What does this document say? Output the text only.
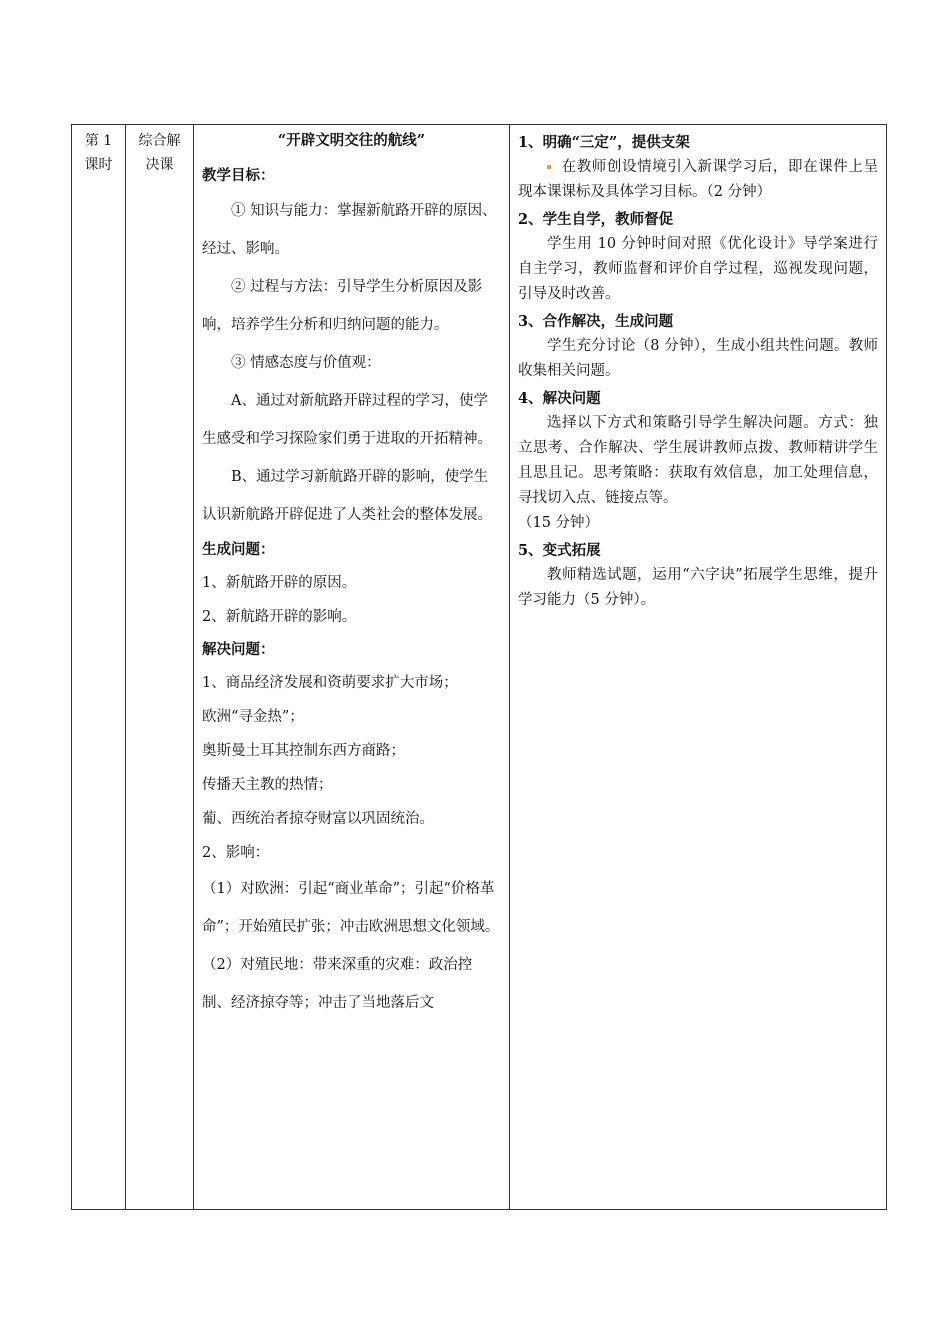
第 1
课时

综合解
决课

“开辟文明交往的航线”
教学目标：
① 知识与能力：掌握新航路开辟的原因、经过、影响。
② 过程与方法：引导学生分析原因及影响，培养学生分析和归纳问题的能力。
③ 情感态度与价值观：
A、通过对新航路开辟过程的学习，使学生感受和学习探险家们勇于进取的开拓精神。
B、通过学习新航路开辟的影响，使学生认识新航路开辟促进了人类社会的整体发展。
生成问题：
1、新航路开辟的原因。
2、新航路开辟的影响。
解决问题：
1、商品经济发展和资萌要求扩大市场；
欧洲“寻金热”；
奥斯曼土耳其控制东西方商路；
传播天主教的热情；
葡、西统治者掠夺财富以巩固统治。
2、影响：
（1）对欧洲：引起“商业革命”；引起“价格革命”；开始殖民扩张；冲击欧洲思想文化领域。
（2）对殖民地：带来深重的灾难：政治控制、经济掠夺等；冲击了当地落后文

1、明确“三定”，提供支架
在教师创设情境引入新课学习后，即在课件上呈现本课课标及具体学习目标。（2 分钟）
2、学生自学，教师督促
学生用 10 分钟时间对照《优化设计》导学案进行自主学习，教师监督和评价自学过程，巡视发现问题，引导及时改善。
3、合作解决，生成问题
学生充分讨论（8 分钟），生成小组共性问题。教师收集相关问题。
4、解决问题
选择以下方式和策略引导学生解决问题。方式：独立思考、合作解决、学生展讲教师点拨、教师精讲学生且思且记。思考策略：获取有效信息，加工处理信息，寻找切入点、链接点等。
（15 分钟）
5、变式拓展
教师精选试题，运用“六字诀”拓展学生思维，提升学习能力（5 分钟）。
